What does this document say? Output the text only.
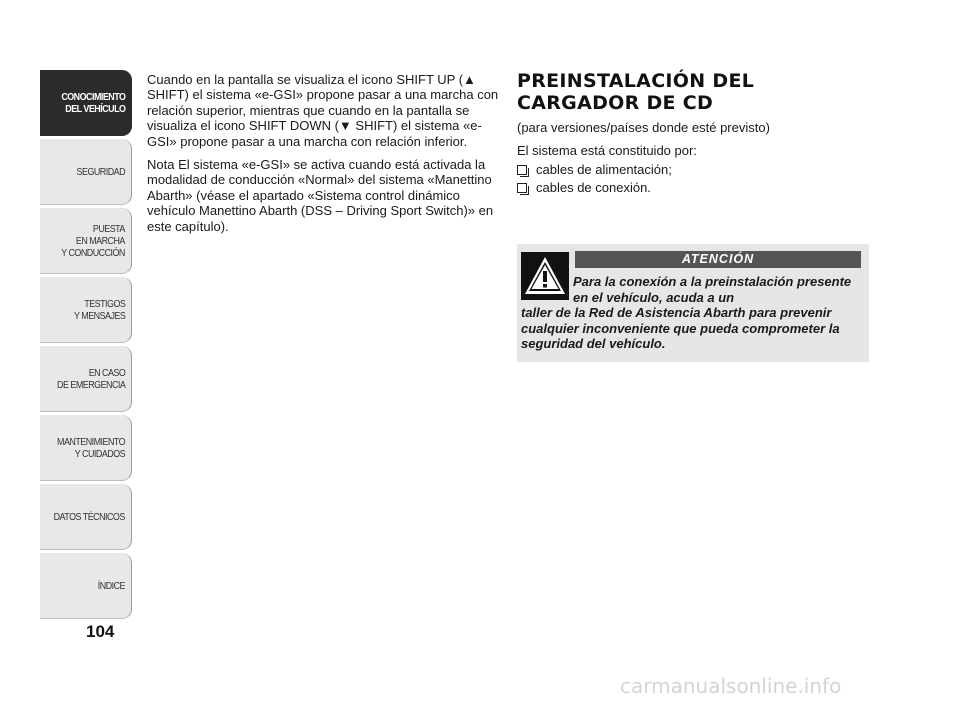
CONOCIMIENTO
DEL VEHÍCULO
SEGURIDAD
PUESTA
EN MARCHA
Y CONDUCCIÓN
TESTIGOS
Y MENSAJES
EN CASO
DE EMERGENCIA
MANTENIMIENTO
Y CUIDADOS
DATOS TÉCNICOS
ÍNDICE
104

Cuando en la pantalla se visualiza el icono SHIFT UP (▲ SHIFT) el sistema «e-GSI» propone pasar a una marcha con relación superior, mientras que cuando en la pantalla se visualiza el icono SHIFT DOWN (▼ SHIFT) el sistema «e-GSI» propone pasar a una marcha con relación inferior.

Nota El sistema «e-GSI» se activa cuando está activada la modalidad de conducción «Normal» del sistema «Manettino Abarth» (véase el apartado «Sistema control dinámico vehículo Manettino Abarth (DSS – Driving Sport Switch)» en este capítulo).

PREINSTALACIÓN DEL CARGADOR DE CD

(para versiones/países donde esté previsto)

El sistema está constituido por:

cables de alimentación;
cables de conexión.
ATENCIÓN
Para la conexión a la preinstalación presente en el vehículo, acuda a un
taller de la Red de Asistencia Abarth para prevenir cualquier inconveniente que pueda comprometer la seguridad del vehículo.
carmanualsonline.info
